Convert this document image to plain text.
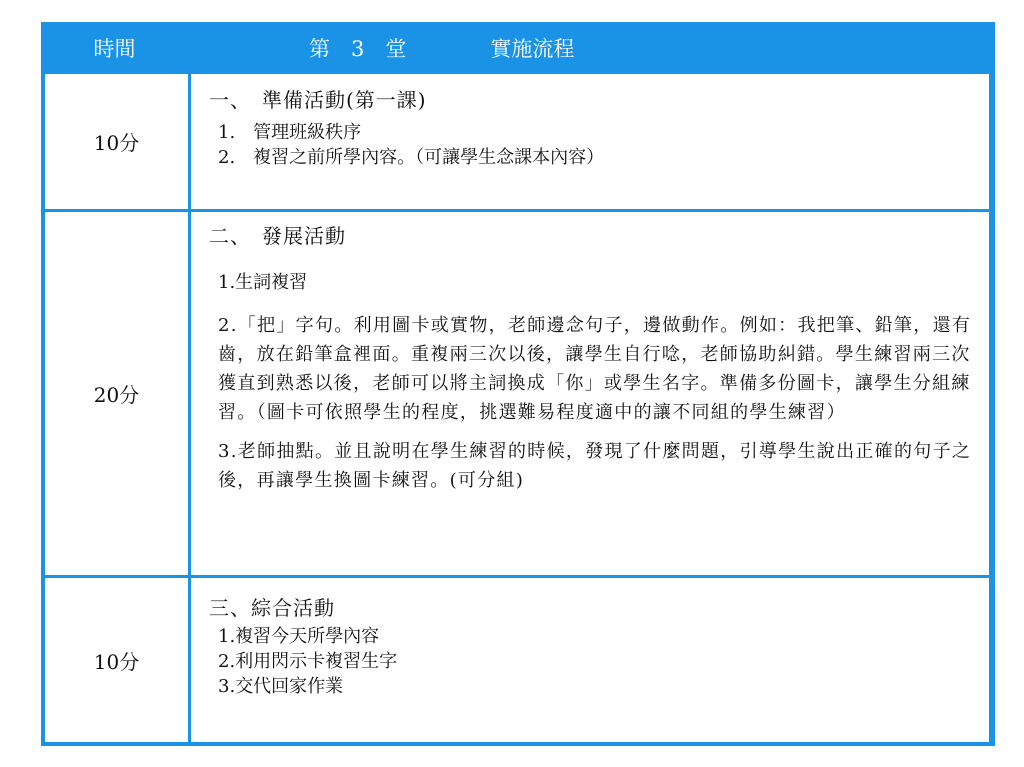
時間	第　3　堂　　　　實施流程
10分
一、　準備活動(第一課)

1.　管理班級秩序

2.　複習之前所學內容。（可讓學生念課本內容）

20分
二、　發展活動

1.生詞複習

2.「把」字句。利用圖卡或實物，老師邊念句子，邊做動作。例如：我把筆、鉛筆，還有齒，放在鉛筆盒裡面。重複兩三次以後，讓學生自行唸，老師協助糾錯。學生練習兩三次獲直到熟悉以後，老師可以將主詞換成「你」或學生名字。準備多份圖卡，讓學生分組練習。（圖卡可依照學生的程度，挑選難易程度適中的讓不同組的學生練習）

3.老師抽點。並且說明在學生練習的時候，發現了什麼問題，引導學生說出正確的句子之後，再讓學生換圖卡練習。(可分組)

10分
三、綜合活動

1.複習今天所學內容

2.利用閃示卡複習生字

3.交代回家作業
